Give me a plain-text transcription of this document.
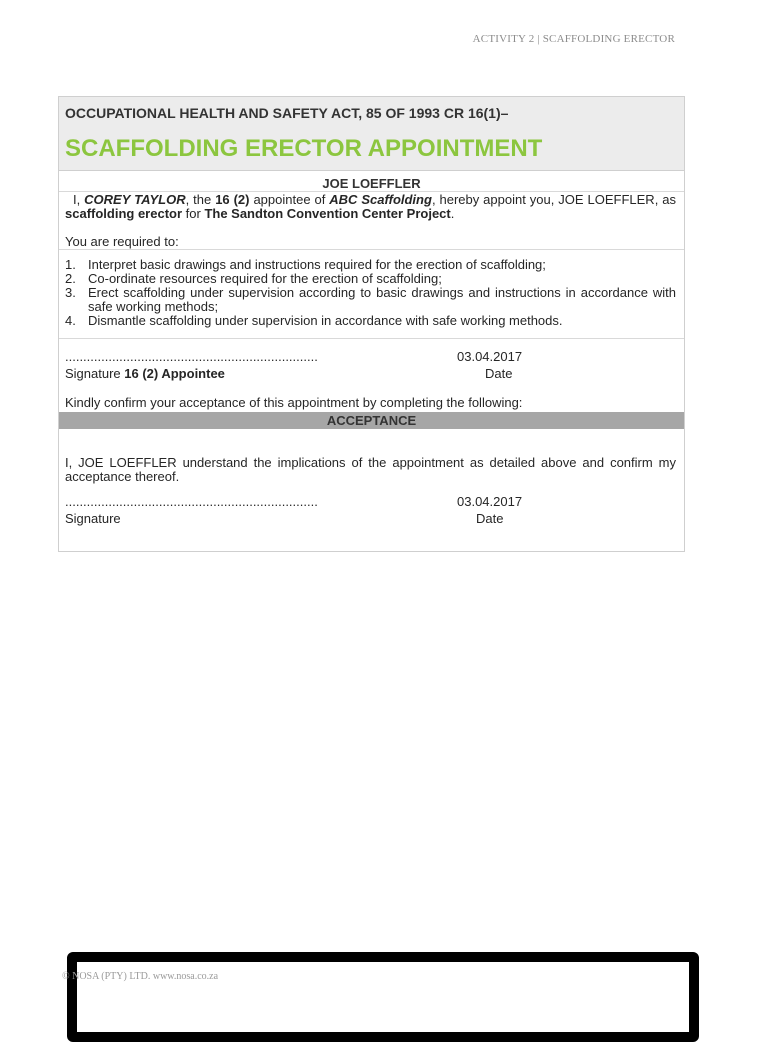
ACTIVITY 2 | SCAFFOLDING ERECTOR
OCCUPATIONAL HEALTH AND SAFETY ACT, 85 OF 1993 CR 16(1)–
SCAFFOLDING ERECTOR APPOINTMENT
JOE LOEFFLER
I, COREY TAYLOR, the 16 (2) appointee of ABC Scaffolding, hereby appoint you, JOE LOEFFLER, as scaffolding erector for The Sandton Convention Center Project.
You are required to:
1. Interpret basic drawings and instructions required for the erection of scaffolding;
2. Co-ordinate resources required for the erection of scaffolding;
3. Erect scaffolding under supervision according to basic drawings and instructions in accordance with safe working methods;
4. Dismantle scaffolding under supervision in accordance with safe working methods.
......................................................................	03.04.2017
Signature 16 (2) Appointee	Date
Kindly confirm your acceptance of this appointment by completing the following:
ACCEPTANCE
I, JOE LOEFFLER understand the implications of the appointment as detailed above and confirm my acceptance thereof.
......................................................................	03.04.2017
Signature	Date
© NOSA (PTY) LTD. www.nosa.co.za
